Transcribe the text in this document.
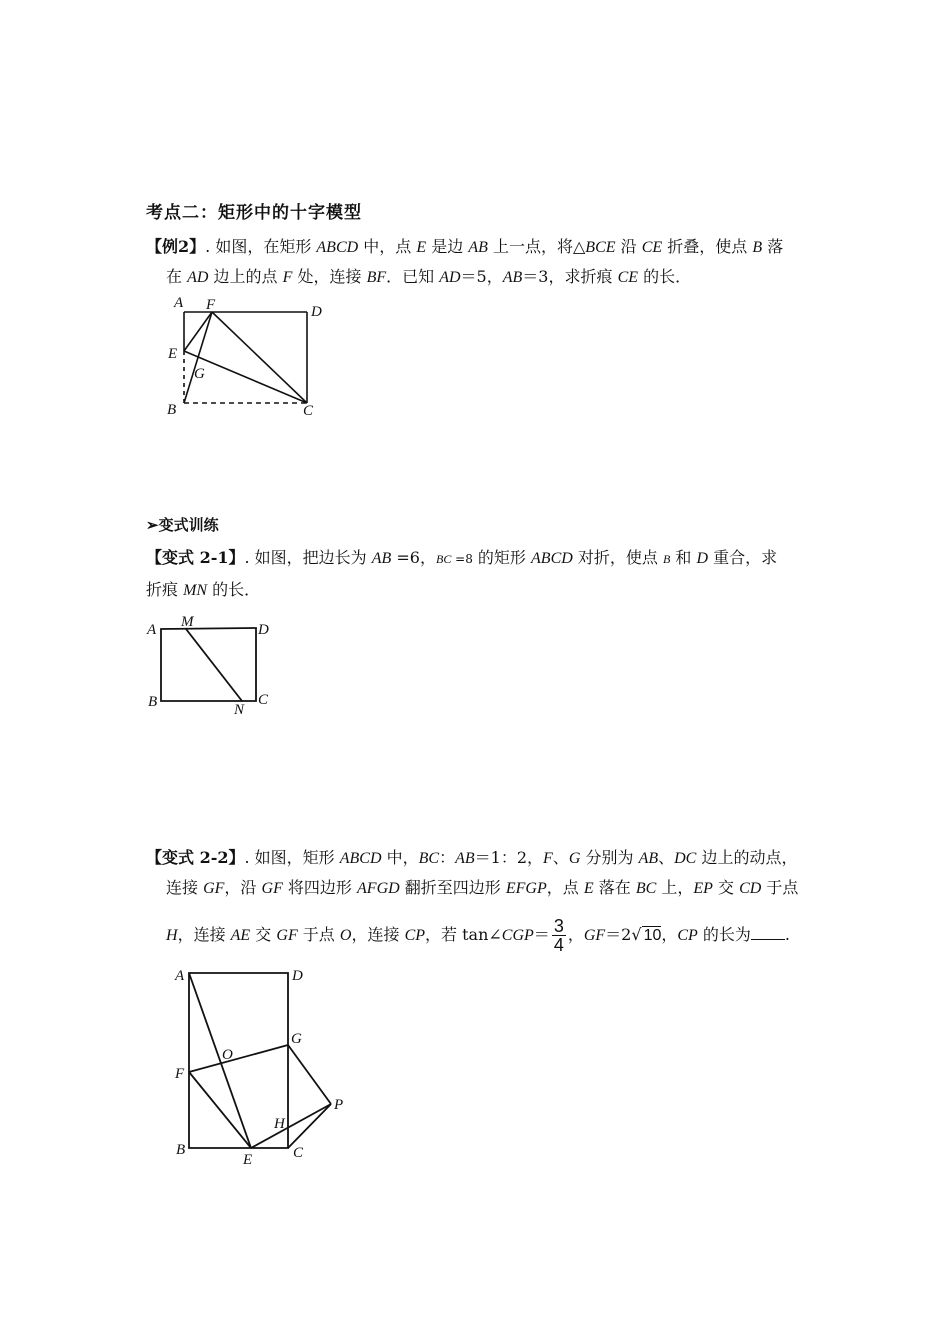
考点二：矩形中的十字模型
【例2】. 如图，在矩形 ABCD 中，点 E 是边 AB 上一点，将△BCE 沿 CE 折叠，使点 B 落
在 AD 边上的点 F 处，连接 BF．已知 AD＝5，AB＝3，求折痕 CE 的长．
A F	D
E
G
B	C
➢变式训练
【变式 2-1】. 如图，把边长为 AB =6，BC =8 的矩形 ABCD 对折，使点 B 和 D 重合，求
折痕 MN 的长．
A M	D
B	N
C
【变式 2-2】. 如图，矩形 ABCD 中，BC：AB＝1：2，F、G 分别为 AB、DC 边上的动点，
连接 GF，沿 GF 将四边形 AFGD 翻折至四边形 EFGP，点 E 落在 BC 上，EP 交 CD 于点
H，连接 AE 交 GF 于点 O，连接 CP，若 tan∠CGP＝ $\frac{3}{4}$ ，GF＝2√ 10，CP 的长为 .
A	D
G
O
F
P
H
B
E	C
